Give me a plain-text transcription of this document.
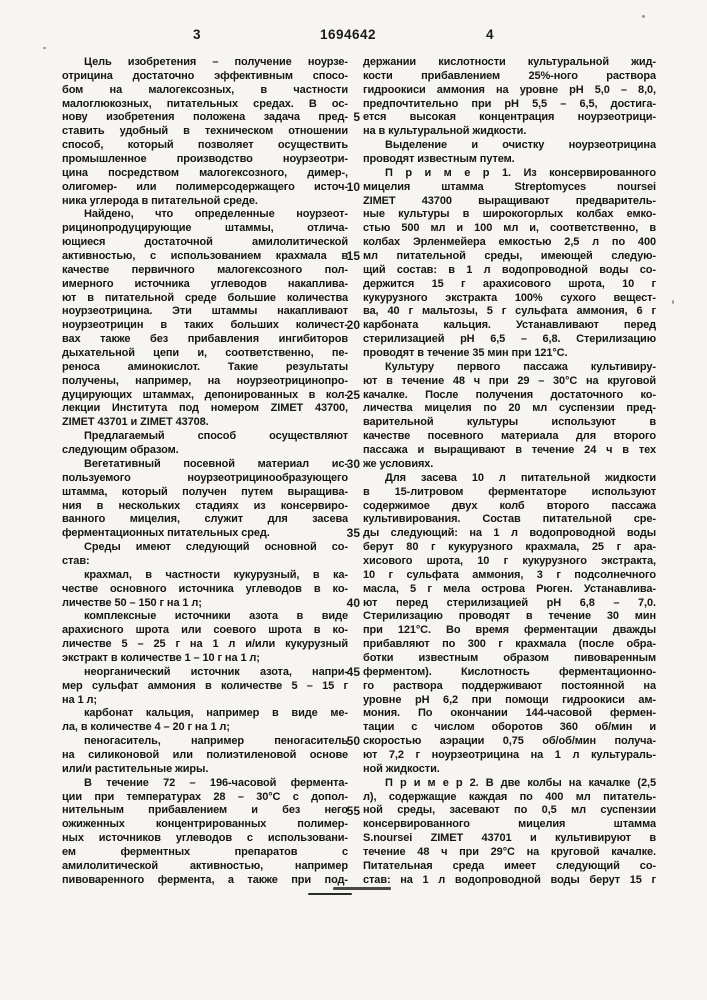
3	1694642	4
Цель изобретения – получение ноурзе-
отрицина достаточно эффективным спосо-
бом на малогексозных, в частности
малоглюкозных, питательных средах. В ос-
нову изобретения положена задача пред-
ставить удобный в техническом отношении
способ, который позволяет осуществить
промышленное производство ноурзеотри-
цина посредством малогексозного, димер-,
олигомер- или полимерсодержащего источ-
ника углерода в питательной среде.
Найдено, что определенные ноурзеот-
рицинопродуцирующие штаммы, отлича-
ющиеся достаточной амилолитической
активностью, с использованием крахмала в
качестве первичного малогексозного пол-
имерного источника углеводов накаплива-
ют в питательной среде большие количества
ноурзеотрицина. Эти штаммы накапливают
ноурзеотрицин в таких больших количест-
вах также без прибавления ингибиторов
дыхательной цепи и, соответственно, пе-
реноса аминокислот. Такие результаты
получены, например, на ноурзеотрицинопро-
дуцирующих штаммах, депонированных в кол-
лекции Института под номером ZIMET 43700,
ZIMET 43701 и ZIMET 43708.
Предлагаемый способ осуществляют
следующим образом.
Вегетативный посевной материал ис-
пользуемого ноурзеотрицинообразующего
штамма, который получен путем выращива-
ния в нескольких стадиях из консервиро-
ванного мицелия, служит для засева
ферментационных питательных сред.
Среды имеют следующий основной со-
став:
крахмал, в частности кукурузный, в ка-
честве основного источника углеводов в ко-
личестве 50 – 150 г на 1 л;
комплексные источники азота в виде
арахисного шрота или соевого шрота в ко-
личестве 5 – 25 г на 1 л и/или кукурузный
экстракт в количестве 1 – 10 г на 1 л;
неорганический источник азота, напри-
мер сульфат аммония в количестве 5 – 15 г
на 1 л;
карбонат кальция, например в виде ме-
ла, в количестве 4 – 20 г на 1 л;
пеногаситель, например пеногаситель
на силиконовой или полиэтиленовой основе
или/и растительные жиры.
В течение 72 – 196-часовой фермента-
ции при температурах 28 – 30°С с допол-
нительным прибавлением и без него
ожиженных концентрированных полимер-
ных источников углеводов с использовани-
ем ферментных препаратов с
амилолитической активностью, например
пивоваренного фермента, а также при под-
5
10
15
20
25
30
35
40
45
50
55
держании кислотности культуральной жид-
кости прибавлением 25%-ного раствора
гидроокиси аммония на уровне рН 5,0 – 8,0,
предпочтительно при рН 5,5 – 6,5, достига-
ется высокая концентрация ноурзеотрици-
на в культуральной жидкости.
Выделение и очистку ноурзеотрицина
проводят известным путем.
П р и м е р 1. Из консервированного
мицелия штамма Streptomyces noursei
ZIMET 43700 выращивают предваритель-
ные культуры в широкогорлых колбах емко-
стью 500 мл и 100 мл и, соответственно, в
колбах Эрленмейера емкостью 2,5 л по 400
мл питательной среды, имеющей следую-
щий состав: в 1 л водопроводной воды со-
держится 15 г арахисового шрота, 10 г
кукурузного экстракта 100% сухого вещест-
ва, 40 г мальтозы, 5 г сульфата аммония, 6 г
карбоната кальция. Устанавливают перед
стерилизацией рН 6,5 – 6,8. Стерилизацию
проводят в течение 35 мин при 121°С.
Культуру первого пассажа культивиру-
ют в течение 48 ч при 29 – 30°С на круговой
качалке. После получения достаточного ко-
личества мицелия по 20 мл суспензии пред-
варительной культуры используют в
качестве посевного материала для второго
пассажа и выращивают в течение 24 ч в тех
же условиях.
Для засева 10 л питательной жидкости
в 15-литровом ферментаторе используют
содержимое двух колб второго пассажа
культивирования. Состав питательной сре-
ды следующий: на 1 л водопроводной воды
берут 80 г кукурузного крахмала, 25 г ара-
хисового шрота, 10 г кукурузного экстракта,
10 г сульфата аммония, 3 г подсолнечного
масла, 5 г мела острова Рюген. Устанавлива-
ют перед стерилизацией рН 6,8 – 7,0.
Стерилизацию проводят в течение 30 мин
при 121°С. Во время ферментации дважды
прибавляют по 300 г крахмала (после обра-
ботки известным образом пивоваренным
ферментом). Кислотность ферментационно-
го раствора поддерживают постоянной на
уровне рН 6,2 при помощи гидроокиси ам-
мония. По окончании 144-часовой фермен-
тации с числом оборотов 360 об/мин и
скоростью аэрации 0,75 об/об/мин получа-
ют 7,2 г ноурзеотрицина на 1 л культураль-
ной жидкости.
П р и м е р 2. В две колбы на качалке (2,5
л), содержащие каждая по 400 мл питатель-
ной среды, засевают по 0,5 мл суспензии
консервированного мицелия штамма
S.noursei ZIMET 43701 и культивируют в
течение 48 ч при 29°С на круговой качалке.
Питательная среда имеет следующий со-
став: на 1 л водопроводной воды берут 15 г
